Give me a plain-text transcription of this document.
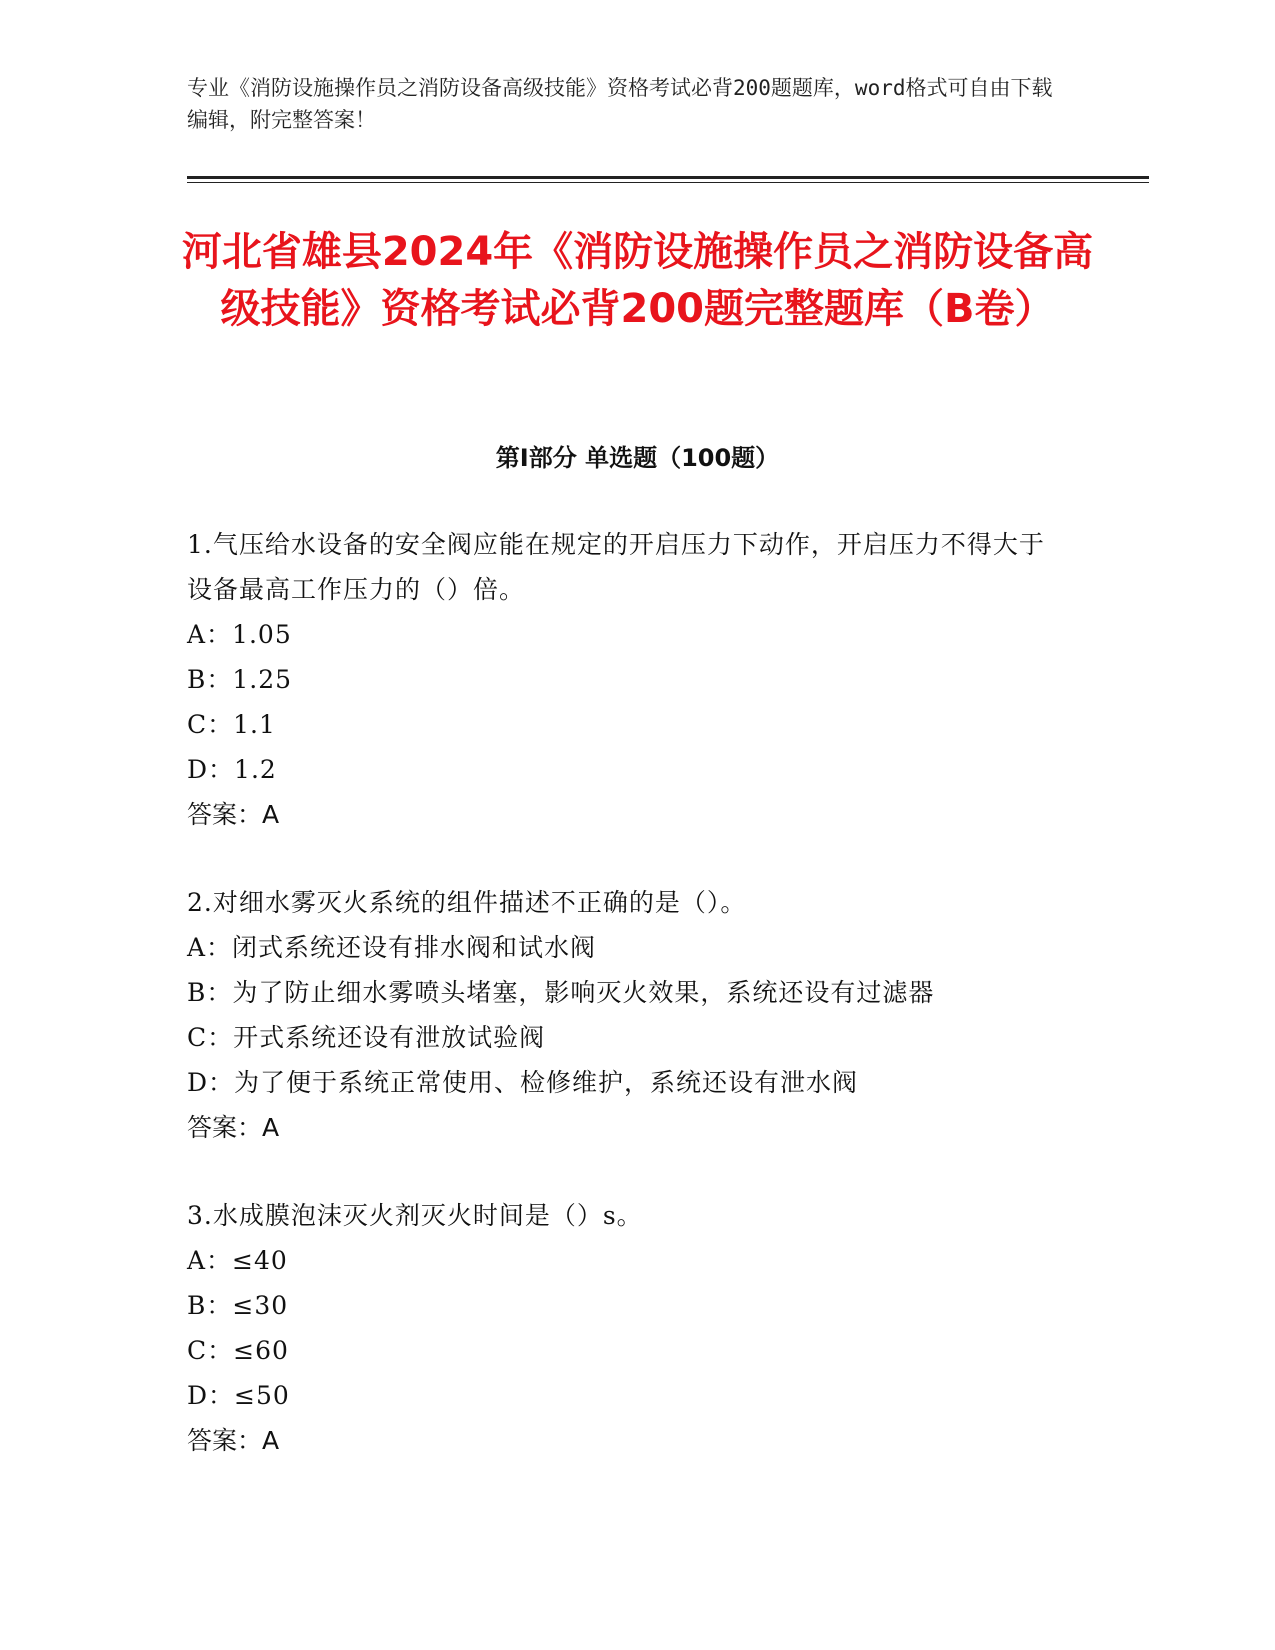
专业《消防设施操作员之消防设备高级技能》资格考试必背200题题库，word格式可自由下载编辑，附完整答案！
河北省雄县2024年《消防设施操作员之消防设备高级技能》资格考试必背200题完整题库（B卷）
第I部分 单选题（100题）
1.气压给水设备的安全阀应能在规定的开启压力下动作，开启压力不得大于设备最高工作压力的（）倍。
A：1.05
B：1.25
C：1.1
D：1.2
答案：A
2.对细水雾灭火系统的组件描述不正确的是（）。
A：闭式系统还设有排水阀和试水阀
B：为了防止细水雾喷头堵塞，影响灭火效果，系统还设有过滤器
C：开式系统还设有泄放试验阀
D：为了便于系统正常使用、检修维护，系统还设有泄水阀
答案：A
3.水成膜泡沫灭火剂灭火时间是（）s。
A：≤40
B：≤30
C：≤60
D：≤50
答案：A
